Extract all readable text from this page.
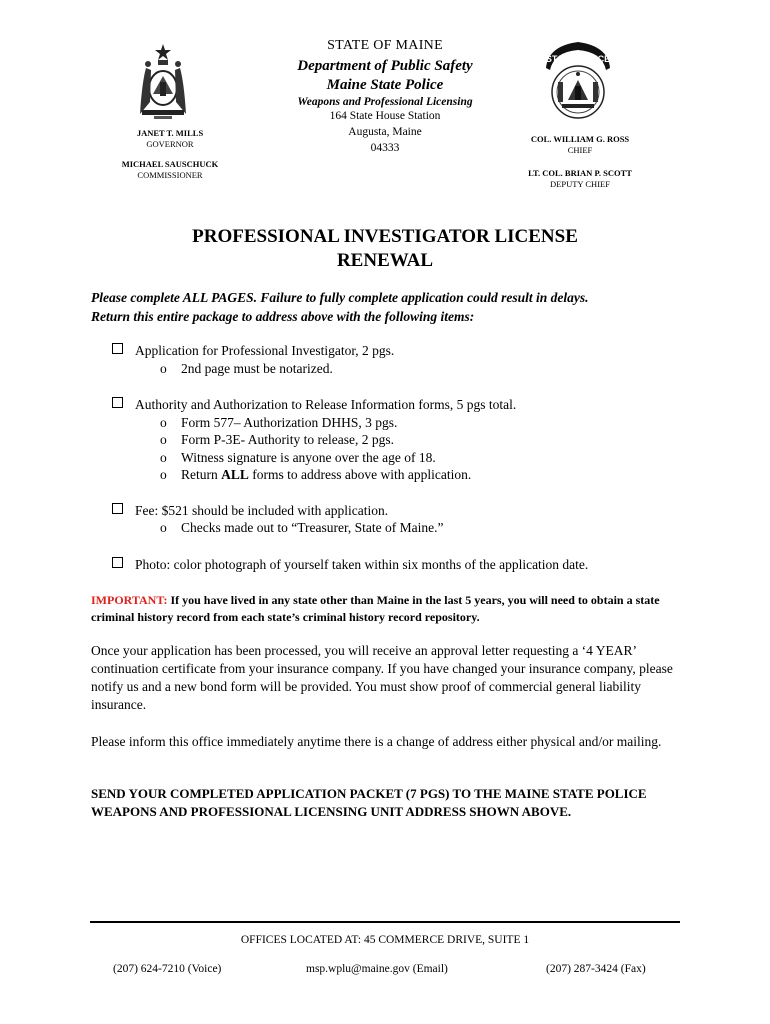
STATE POLICE
STATE OF MAINE
Department of Public Safety
Maine State Police
Weapons and Professional Licensing
164 State House Station
Augusta, Maine
04333
JANET T. MILLS
GOVERNOR
MICHAEL SAUSCHUCK
COMMISSIONER
COL. WILLIAM G. ROSS
CHIEF
LT. COL. BRIAN P. SCOTT
DEPUTY CHIEF
PROFESSIONAL INVESTIGATOR LICENSE
RENEWAL
Please complete ALL PAGES. Failure to fully complete application could result in delays.
Return this entire package to address above with the following items:
Application for Professional Investigator, 2 pgs.
o 2nd page must be notarized.
Authority and Authorization to Release Information forms, 5 pgs total.
o Form 577– Authorization DHHS, 3 pgs.
o Form P-3E- Authority to release, 2 pgs.
o Witness signature is anyone over the age of 18.
o Return ALL forms to address above with application.
Fee: $521 should be included with application.
o Checks made out to “Treasurer, State of Maine.”
Photo: color photograph of yourself taken within six months of the application date.
IMPORTANT: If you have lived in any state other than Maine in the last 5 years, you will need to obtain a state criminal history record from each state’s criminal history record repository.
Once your application has been processed, you will receive an approval letter requesting a ‘4 YEAR’ continuation certificate from your insurance company. If you have changed your insurance company, please notify us and a new bond form will be provided. You must show proof of commercial general liability insurance.
Please inform this office immediately anytime there is a change of address either physical and/or mailing.
SEND YOUR COMPLETED APPLICATION PACKET (7 PGS) TO THE MAINE STATE POLICE WEAPONS AND PROFESSIONAL LICENSING UNIT ADDRESS SHOWN ABOVE.
OFFICES LOCATED AT: 45 COMMERCE DRIVE, SUITE 1
(207) 624-7210 (Voice)	msp.wplu@maine.gov (Email)	(207) 287-3424 (Fax)
